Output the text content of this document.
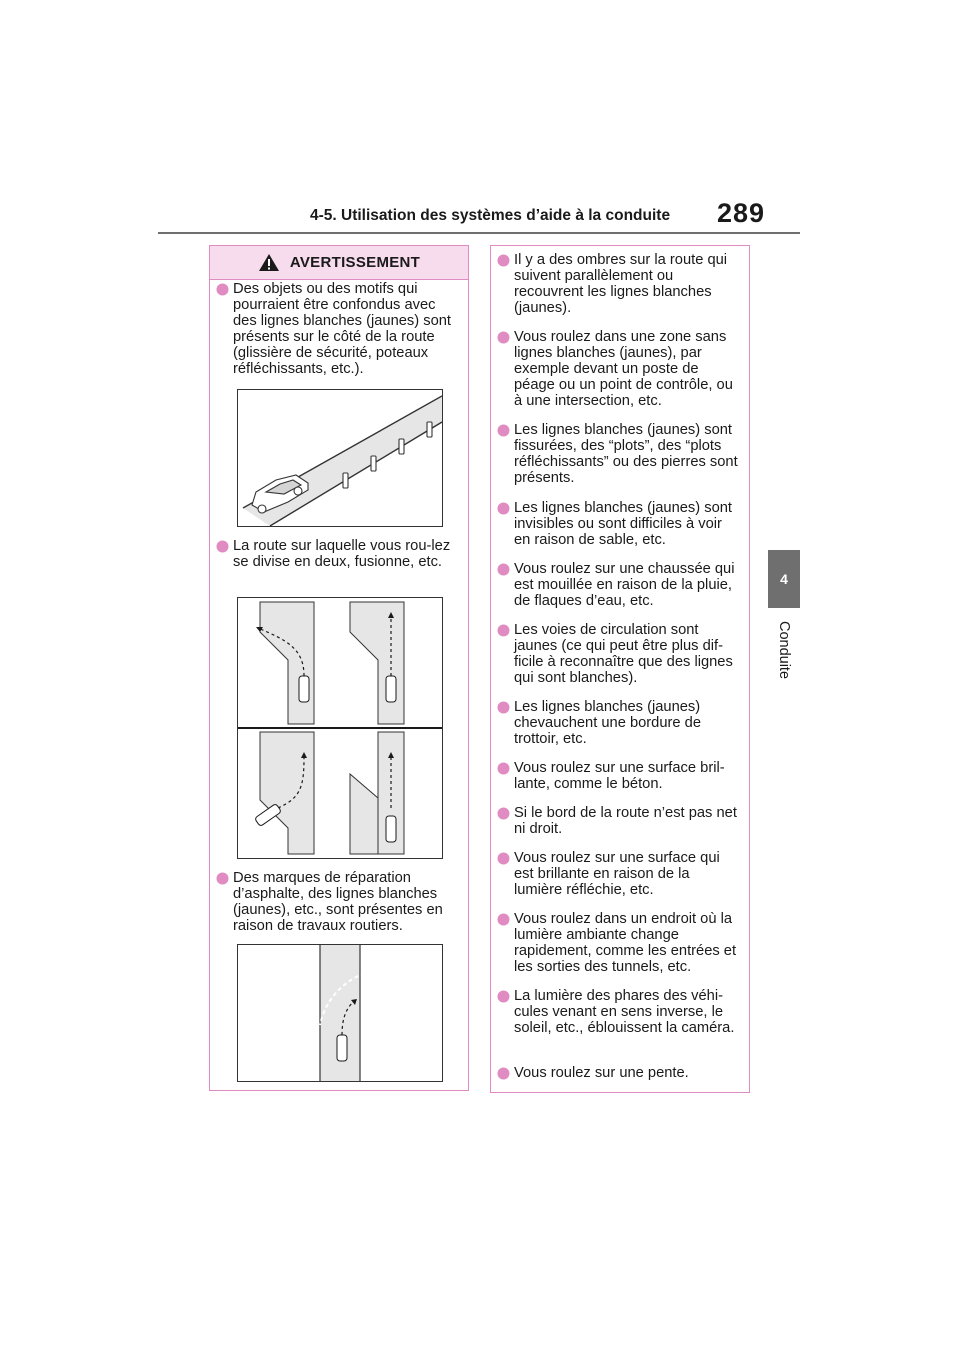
4-5. Utilisation des systèmes d’aide à la conduite	289
4
Conduite
AVERTISSEMENT
Des objets ou des motifs qui pourraient être confondus avec des lignes blanches (jaunes) sont présents sur le côté de la route (glissière de sécurité, poteaux réfléchissants, etc.).
La route sur laquelle vous rou-lez se divise en deux, fusionne, etc.
Des marques de réparation d’asphalte, des lignes blanches (jaunes), etc., sont présentes en raison de travaux routiers.
Il y a des ombres sur la route qui suivent parallèlement ou recouvrent les lignes blanches (jaunes).
Vous roulez dans une zone sans lignes blanches (jaunes), par exemple devant un poste de péage ou un point de contrôle, ou à une intersection, etc.
Les lignes blanches (jaunes) sont fissurées, des “plots”, des “plots réfléchissants” ou des pierres sont présents.
Les lignes blanches (jaunes) sont invisibles ou sont difficiles à voir en raison de sable, etc.
Vous roulez sur une chaussée qui est mouillée en raison de la pluie, de flaques d’eau, etc.
Les voies de circulation sont jaunes (ce qui peut être plus dif-ficile à reconnaître que des lignes qui sont blanches).
Les lignes blanches (jaunes) chevauchent une bordure de trottoir, etc.
Vous roulez sur une surface bril-lante, comme le béton.
Si le bord de la route n’est pas net ni droit.
Vous roulez sur une surface qui est brillante en raison de la lumière réfléchie, etc.
Vous roulez dans un endroit où la lumière ambiante change rapidement, comme les entrées et les sorties des tunnels, etc.
La lumière des phares des véhi-cules venant en sens inverse, le soleil, etc., éblouissent la caméra.
Vous roulez sur une pente.
